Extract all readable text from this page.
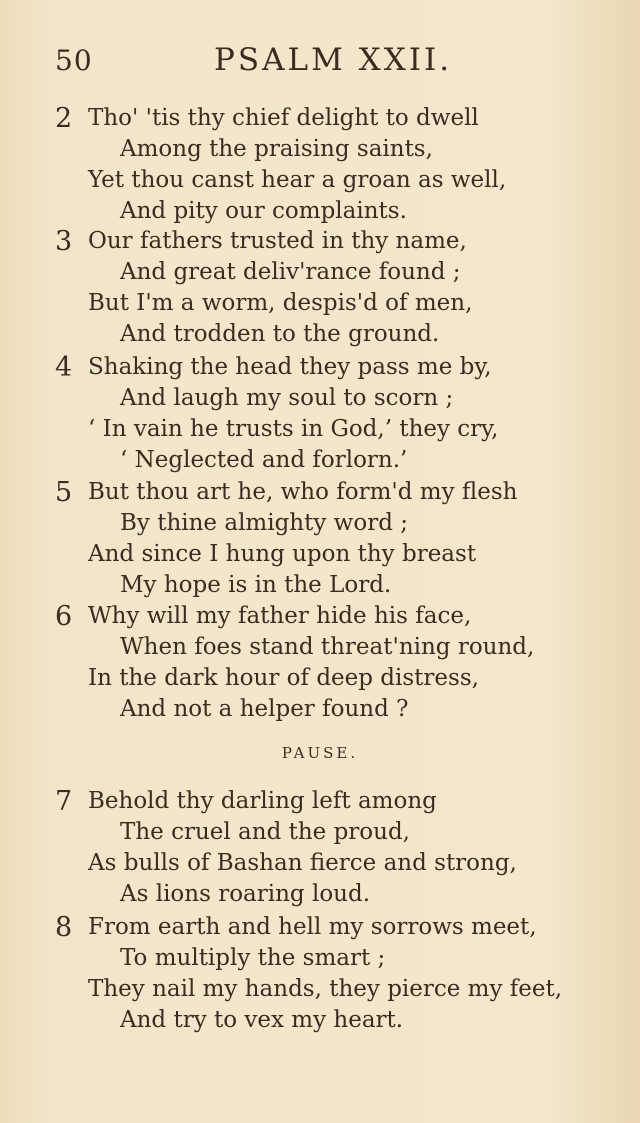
50	PSALM XXII.
2 Tho' 'tis thy chief delight to dwell
Among the praising saints,
Yet thou canst hear a groan as well,
And pity our complaints.
3 Our fathers trusted in thy name,
And great deliv'rance found ;
But I'm a worm, despis'd of men,
And trodden to the ground.
4 Shaking the head they pass me by,
And laugh my soul to scorn ;
‘ In vain he trusts in God,’ they cry,
‘ Neglected and forlorn.’
5 But thou art he, who form'd my flesh
By thine almighty word ;
And since I hung upon thy breast
My hope is in the Lord.
6 Why will my father hide his face,
When foes stand threat'ning round,
In the dark hour of deep distress,
And not a helper found ?
PAUSE.
7 Behold thy darling left among
The cruel and the proud,
As bulls of Bashan fierce and strong,
As lions roaring loud.
8 From earth and hell my sorrows meet,
To multiply the smart ;
They nail my hands, they pierce my feet,
And try to vex my heart.
